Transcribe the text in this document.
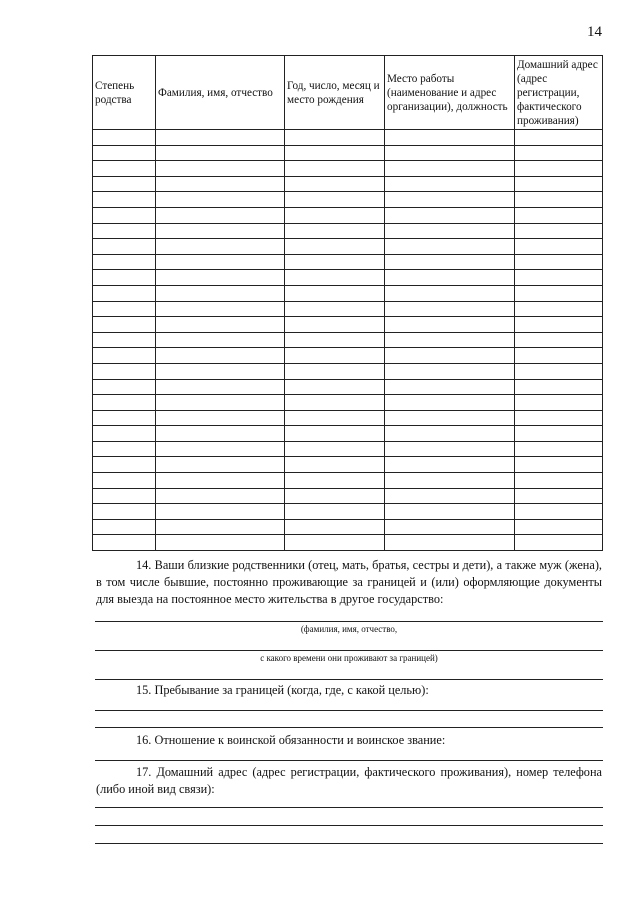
14
Степень родства	Фамилия, имя, отчество	Год, число, месяц и место рождения	Место работы (наименование и адрес организации), должность	Домашний адрес (адрес регистрации, фактического проживания)

14. Ваши близкие родственники (отец, мать, братья, сестры и дети), а также муж (жена), в том числе бывшие, постоянно проживающие за границей и (или) оформляющие документы для выезда на постоянное место жительства в другое государство:
(фамилия, имя, отчество,
с какого времени они проживают за границей)
15. Пребывание за границей (когда, где, с какой целью):
16. Отношение к воинской обязанности и воинское звание:
17. Домашний адрес (адрес регистрации, фактического проживания), номер телефона (либо иной вид связи):
